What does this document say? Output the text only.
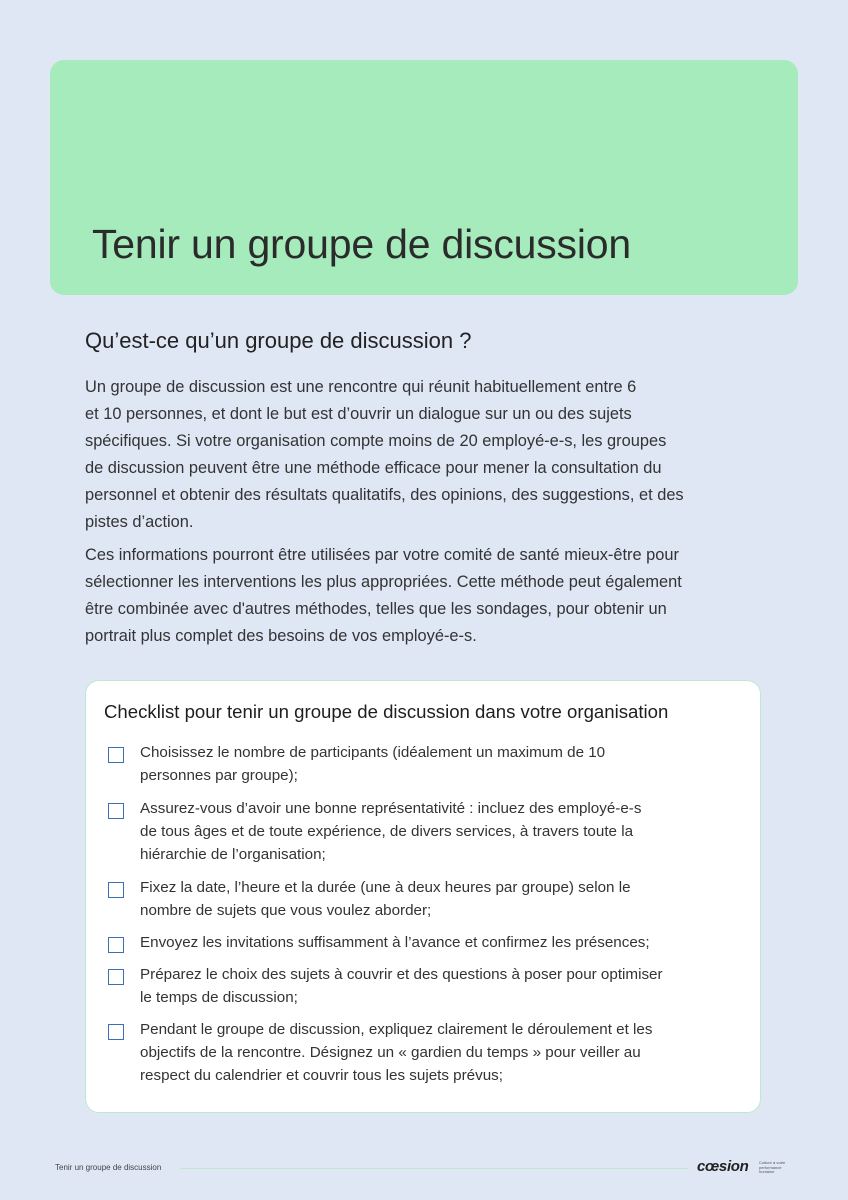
Tenir un groupe de discussion
Qu’est-ce qu’un groupe de discussion ?

Un groupe de discussion est une rencontre qui réunit habituellement entre 6
et 10 personnes, et dont le but est d’ouvrir un dialogue sur un ou des sujets
spécifiques. Si votre organisation compte moins de 20 employé-e-s, les groupes
de discussion peuvent être une méthode efficace pour mener la consultation du
personnel et obtenir des résultats qualitatifs, des opinions, des suggestions, et des
pistes d’action.

Ces informations pourront être utilisées par votre comité de santé mieux-être pour
sélectionner les interventions les plus appropriées. Cette méthode peut également
être combinée avec d'autres méthodes, telles que les sondages, pour obtenir un
portrait plus complet des besoins de vos employé-e-s.

Checklist pour tenir un groupe de discussion dans votre organisation
Choisissez le nombre de participants (idéalement un maximum de 10
personnes par groupe);
Assurez-vous d’avoir une bonne représentativité : incluez des employé-e-s
de tous âges et de toute expérience, de divers services, à travers toute la
hiérarchie de l’organisation;
Fixez la date, l’heure et la durée (une à deux heures par groupe) selon le
nombre de sujets que vous voulez aborder;
Envoyez les invitations suffisamment à l’avance et confirmez les présences;
Préparez le choix des sujets à couvrir et des questions à poser pour optimiser
le temps de discussion;
Pendant le groupe de discussion, expliquez clairement le déroulement et les
objectifs de la rencontre. Désignez un « gardien du temps » pour veiller au
respect du calendrier et couvrir tous les sujets prévus;
Tenir un groupe de discussion	cœsion	Culture à votre
performance
humaine
